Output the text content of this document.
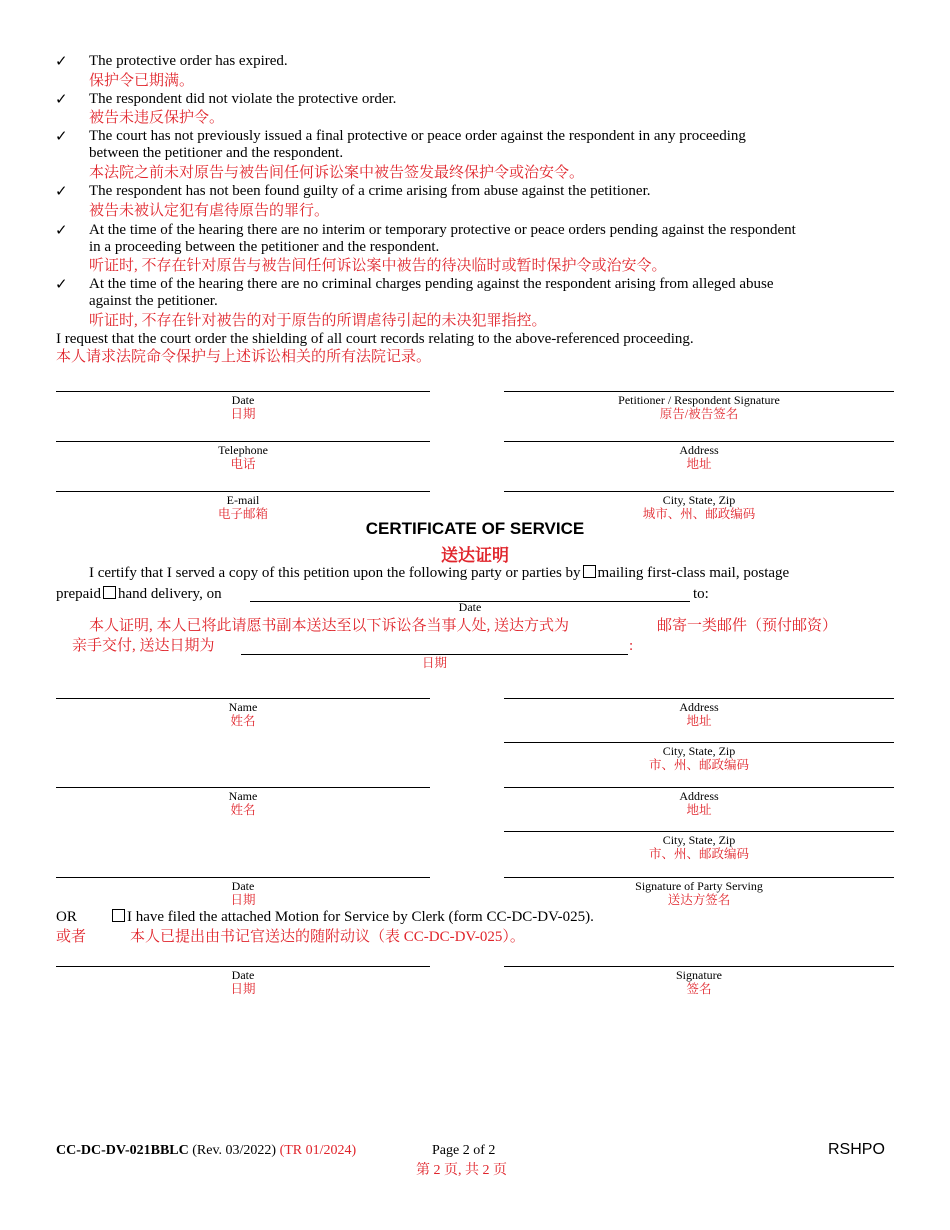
✓ The protective order has expired.
保护令已期满。
✓ The respondent did not violate the protective order.
被告未违反保护令。
✓ The court has not previously issued a final protective or peace order against the respondent in any proceeding
between the petitioner and the respondent.
本法院之前未对原告与被告间任何诉讼案中被告签发最终保护令或治安令。
✓ The respondent has not been found guilty of a crime arising from abuse against the petitioner.
被告未被认定犯有虐待原告的罪行。
✓ At the time of the hearing there are no interim or temporary protective or peace orders pending against the respondent
in a proceeding between the petitioner and the respondent.
听证时, 不存在针对原告与被告间任何诉讼案中被告的待决临时或暂时保护令或治安令。
✓ At the time of the hearing there are no criminal charges pending against the respondent arising from alleged abuse
against the petitioner.
听证时, 不存在针对被告的对于原告的所谓虐待引起的未决犯罪指控。
I request that the court order the shielding of all court records relating to the above-referenced proceeding.
本人请求法院命令保护与上述诉讼相关的所有法院记录。
Date
日期
Petitioner / Respondent Signature
原告/被告签名
Telephone
电话
Address
地址
E-mail
电子邮箱
City, State, Zip
城市、州、邮政编码
CERTIFICATE OF SERVICE
送达证明
I certify that I served a copy of this petition upon the following party or parties by mailing first-class mail, postage
prepaid hand delivery, on	to:
Date
本人证明, 本人已将此请愿书副本送达至以下诉讼各当事人处, 送达方式为	邮寄一类邮件（预付邮资）
亲手交付, 送达日期为	:
日期
Name
姓名
Address
地址
City, State, Zip
市、州、邮政编码
Name
姓名
Address
地址
City, State, Zip
市、州、邮政编码
Date
日期
Signature of Party Serving
送达方签名
OR	I have filed the attached Motion for Service by Clerk (form CC-DC-DV-025).
或者	本人已提出由书记官送达的随附动议（表 CC-DC-DV-025）。
Date
日期
Signature
签名
CC-DC-DV-021BBLC (Rev. 03/2022) (TR 01/2024)	Page 2 of 2
第 2 页, 共 2 页
RSHPO
